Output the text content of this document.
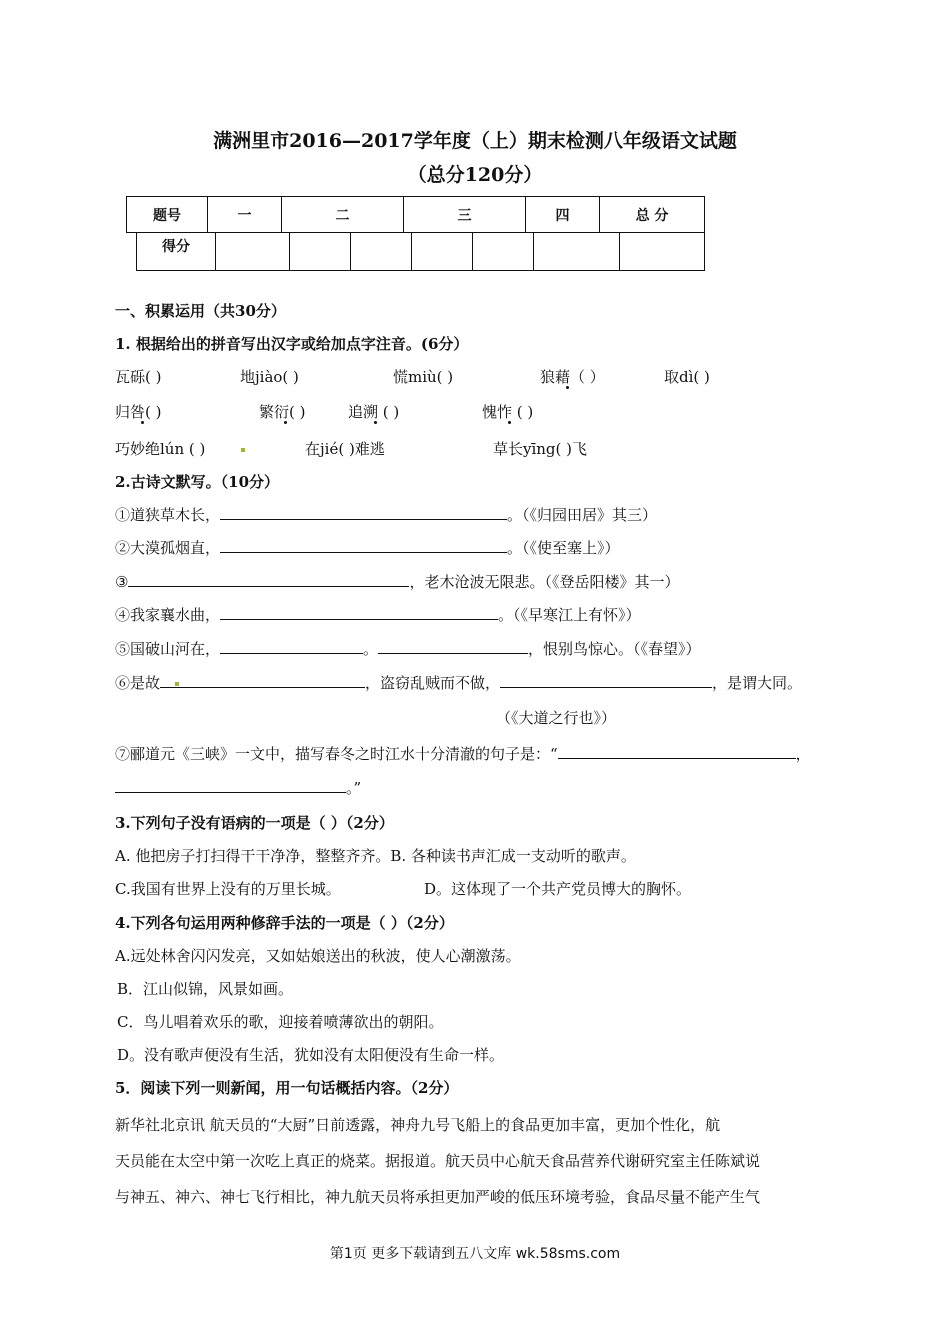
满洲里市2016—2017学年度（上）期末检测八年级语文试题
（总分120分）
题号	一	二	三	四	总 分
得分							
一、积累运用（共30分）
1. 根据给出的拼音写出汉字或给加点字注音。(6分）
瓦砾( )	地jiào( )	慌miù( )	狼藉（ ）	取dì( )
归咎( )	繁衍( )	追溯 ( )	愧怍 ( )
巧妙绝lún ( )	在jié( )难逃	草长yīng( )飞
2.古诗文默写。（10分）
①道狭草木长，	。（《归园田居》其三）
②大漠孤烟直，	。（《使至塞上》）
③	，老木沧波无限悲。（《登岳阳楼》其一）
④我家襄水曲，	。（《早寒江上有怀》）
⑤国破山河在，	。	，恨别鸟惊心。（《春望》）
⑥是故	，盗窃乱贼而不做，	，是谓大同。
（《大道之行也》）
⑦郦道元《三峡》一文中，描写春冬之时江水十分清澈的句子是：“	，
。”
3.下列句子没有语病的一项是（ ）（2分）
A. 他把房子打扫得干干净净，整整齐齐。B. 各种读书声汇成一支动听的歌声。
C.我国有世界上没有的万里长城。	D。这体现了一个共产党员博大的胸怀。
4.下列各句运用两种修辞手法的一项是（ ）（2分）
A.远处林舍闪闪发亮，又如姑娘送出的秋波，使人心潮激荡。
B．江山似锦，风景如画。
C．鸟儿唱着欢乐的歌，迎接着喷薄欲出的朝阳。
D。没有歌声便没有生活，犹如没有太阳便没有生命一样。
5．阅读下列一则新闻，用一句话概括内容。（2分）
新华社北京讯 航天员的“大厨”日前透露，神舟九号飞船上的食品更加丰富，更加个性化，航
天员能在太空中第一次吃上真正的烧菜。据报道。航天员中心航天食品营养代谢研究室主任陈斌说
与神五、神六、神七飞行相比，神九航天员将承担更加严峻的低压环境考验，食品尽量不能产生气
第1页 更多下载请到五八文库 wk.58sms.com
